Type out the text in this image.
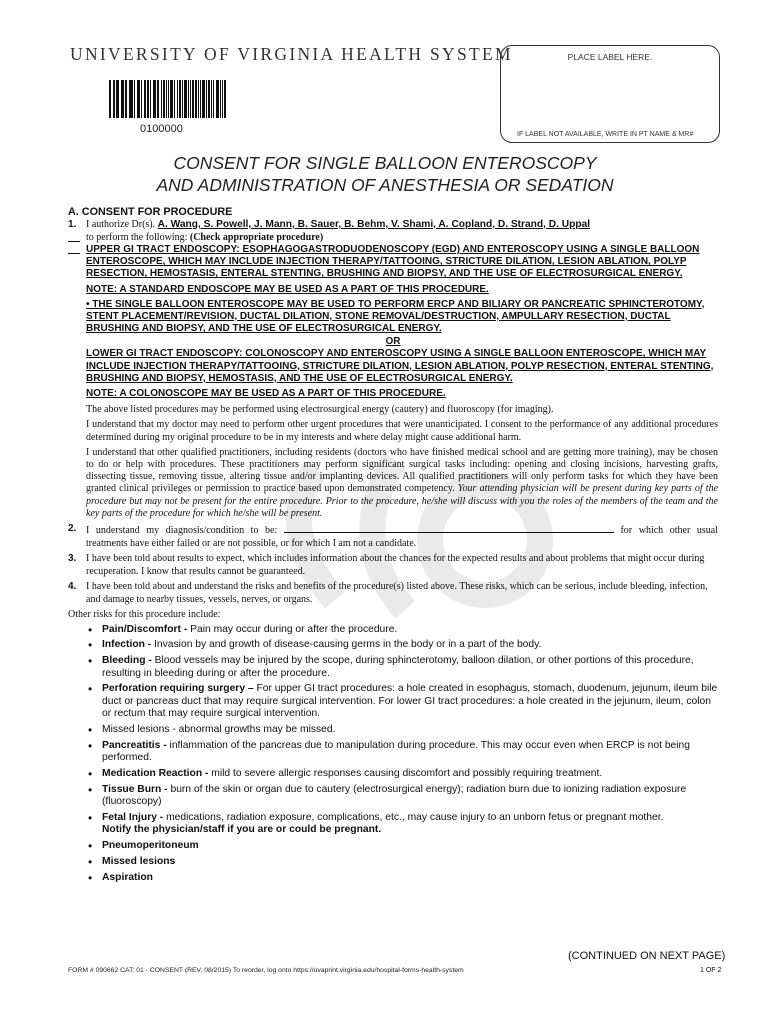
UNIVERSITY OF VIRGINIA HEALTH SYSTEM
0100000
PLACE LABEL HERE.
IF LABEL NOT AVAILABLE, WRITE IN PT NAME & MR#
CONSENT FOR SINGLE BALLOON ENTEROSCOPY
AND ADMINISTRATION OF ANESTHESIA OR SEDATION
A. CONSENT FOR PROCEDURE
1. I authorize Dr(s). A. Wang, S. Powell, J. Mann, B. Sauer, B. Behm, V. Shami, A. Copland, D. Strand, D. Uppal
to perform the following:
(Check appropriate procedure)
UPPER GI TRACT ENDOSCOPY: ESOPHAGOGASTRODUODENOSCOPY (EGD) AND ENTEROSCOPY USING A SINGLE BALLOON ENTEROSCOPE, WHICH MAY INCLUDE INJECTION THERAPY/TATTOOING, STRICTURE DILATION, LESION ABLATION, POLYP RESECTION, HEMOSTASIS, ENTERAL STENTING, BRUSHING AND BIOPSY, AND THE USE OF ELECTROSURGICAL ENERGY.
NOTE: A STANDARD ENDOSCOPE MAY BE USED AS A PART OF THIS PROCEDURE.
• THE SINGLE BALLOON ENTEROSCOPE MAY BE USED TO PERFORM ERCP AND BILIARY OR PANCREATIC SPHINCTEROTOMY, STENT PLACEMENT/REVISION, DUCTAL DILATION, STONE REMOVAL/DESTRUCTION, AMPULLARY RESECTION, DUCTAL BRUSHING AND BIOPSY, AND THE USE OF ELECTROSURGICAL ENERGY.
OR
LOWER GI TRACT ENDOSCOPY: COLONOSCOPY AND ENTEROSCOPY USING A SINGLE BALLOON ENTEROSCOPE, WHICH MAY INCLUDE INJECTION THERAPY/TATTOOING, STRICTURE DILATION, LESION ABLATION, POLYP RESECTION, ENTERAL STENTING, BRUSHING AND BIOPSY, HEMOSTASIS, AND THE USE OF ELECTROSURGICAL ENERGY.
NOTE: A COLONOSCOPE MAY BE USED AS A PART OF THIS PROCEDURE.
The above listed procedures may be performed using electrosurgical energy (cautery) and fluoroscopy (for imaging).
I understand that my doctor may need to perform other urgent procedures that were unanticipated. I consent to the performance of any additional procedures determined during my original procedure to be in my interests and where delay might cause additional harm.
I understand that other qualified practitioners, including residents (doctors who have finished medical school and are getting more training), may be chosen to do or help with procedures. These practitioners may perform significant surgical tasks including: opening and closing incisions, harvesting grafts, dissecting tissue, removing tissue, altering tissue and/or implanting devices. All qualified practitioners will only perform tasks for which they have been granted clinical privileges or permission to practice based upon demonstrated competency. Your attending physician will be present during key parts of the procedure but may not be present for the entire procedure. Prior to the procedure, he/she will discuss with you the roles of the members of the team and the key parts of the procedure for which he/she will be present.
2. I understand my diagnosis/condition to be:	for which other usual treatments have either failed or are not possible, or for which I am not a candidate.
3. I have been told about results to expect, which includes information about the chances for the expected results and about problems that might occur during recuperation. I know that results cannot be guaranteed.
4. I have been told about and understand the risks and benefits of the procedure(s) listed above. These risks, which can be serious, include bleeding, infection, and damage to nearby tissues, vessels, nerves, or organs.
Other risks for this procedure include:
• Pain/Discomfort - Pain may occur during or after the procedure.
• Infection - Invasion by and growth of disease-causing germs in the body or in a part of the body.
• Bleeding - Blood vessels may be injured by the scope, during sphincterotomy, balloon dilation, or other portions of this procedure, resulting in bleeding during or after the procedure.
• Perforation requiring surgery – For upper GI tract procedures: a hole created in esophagus, stomach, duodenum, jejunum, ileum bile duct or pancreas duct that may require surgical intervention. For lower GI tract procedures: a hole created in the jejunum, ileum, colon or rectum that may require surgical intervention.
• Missed lesions - abnormal growths may be missed.
• Pancreatitis - inflammation of the pancreas due to manipulation during procedure. This may occur even when ERCP is not being performed.
• Medication Reaction - mild to severe allergic responses causing discomfort and possibly requiring treatment.
• Tissue Burn - burn of the skin or organ due to cautery (electrosurgical energy); radiation burn due to ionizing radiation exposure (fluoroscopy)
• Fetal Injury - medications, radiation exposure, complications, etc., may cause injury to an unborn fetus or pregnant mother.
Notify the physician/staff if you are or could be pregnant.
• Pneumoperitoneum
• Missed lesions
• Aspiration
(CONTINUED ON NEXT PAGE)
FORM # 090662 CAT: 01 - CONSENT (REV. 08/2015) To reorder, log onto https://uvaprint.virginia.edu/hospital-forms-health-system	1 OF 2
